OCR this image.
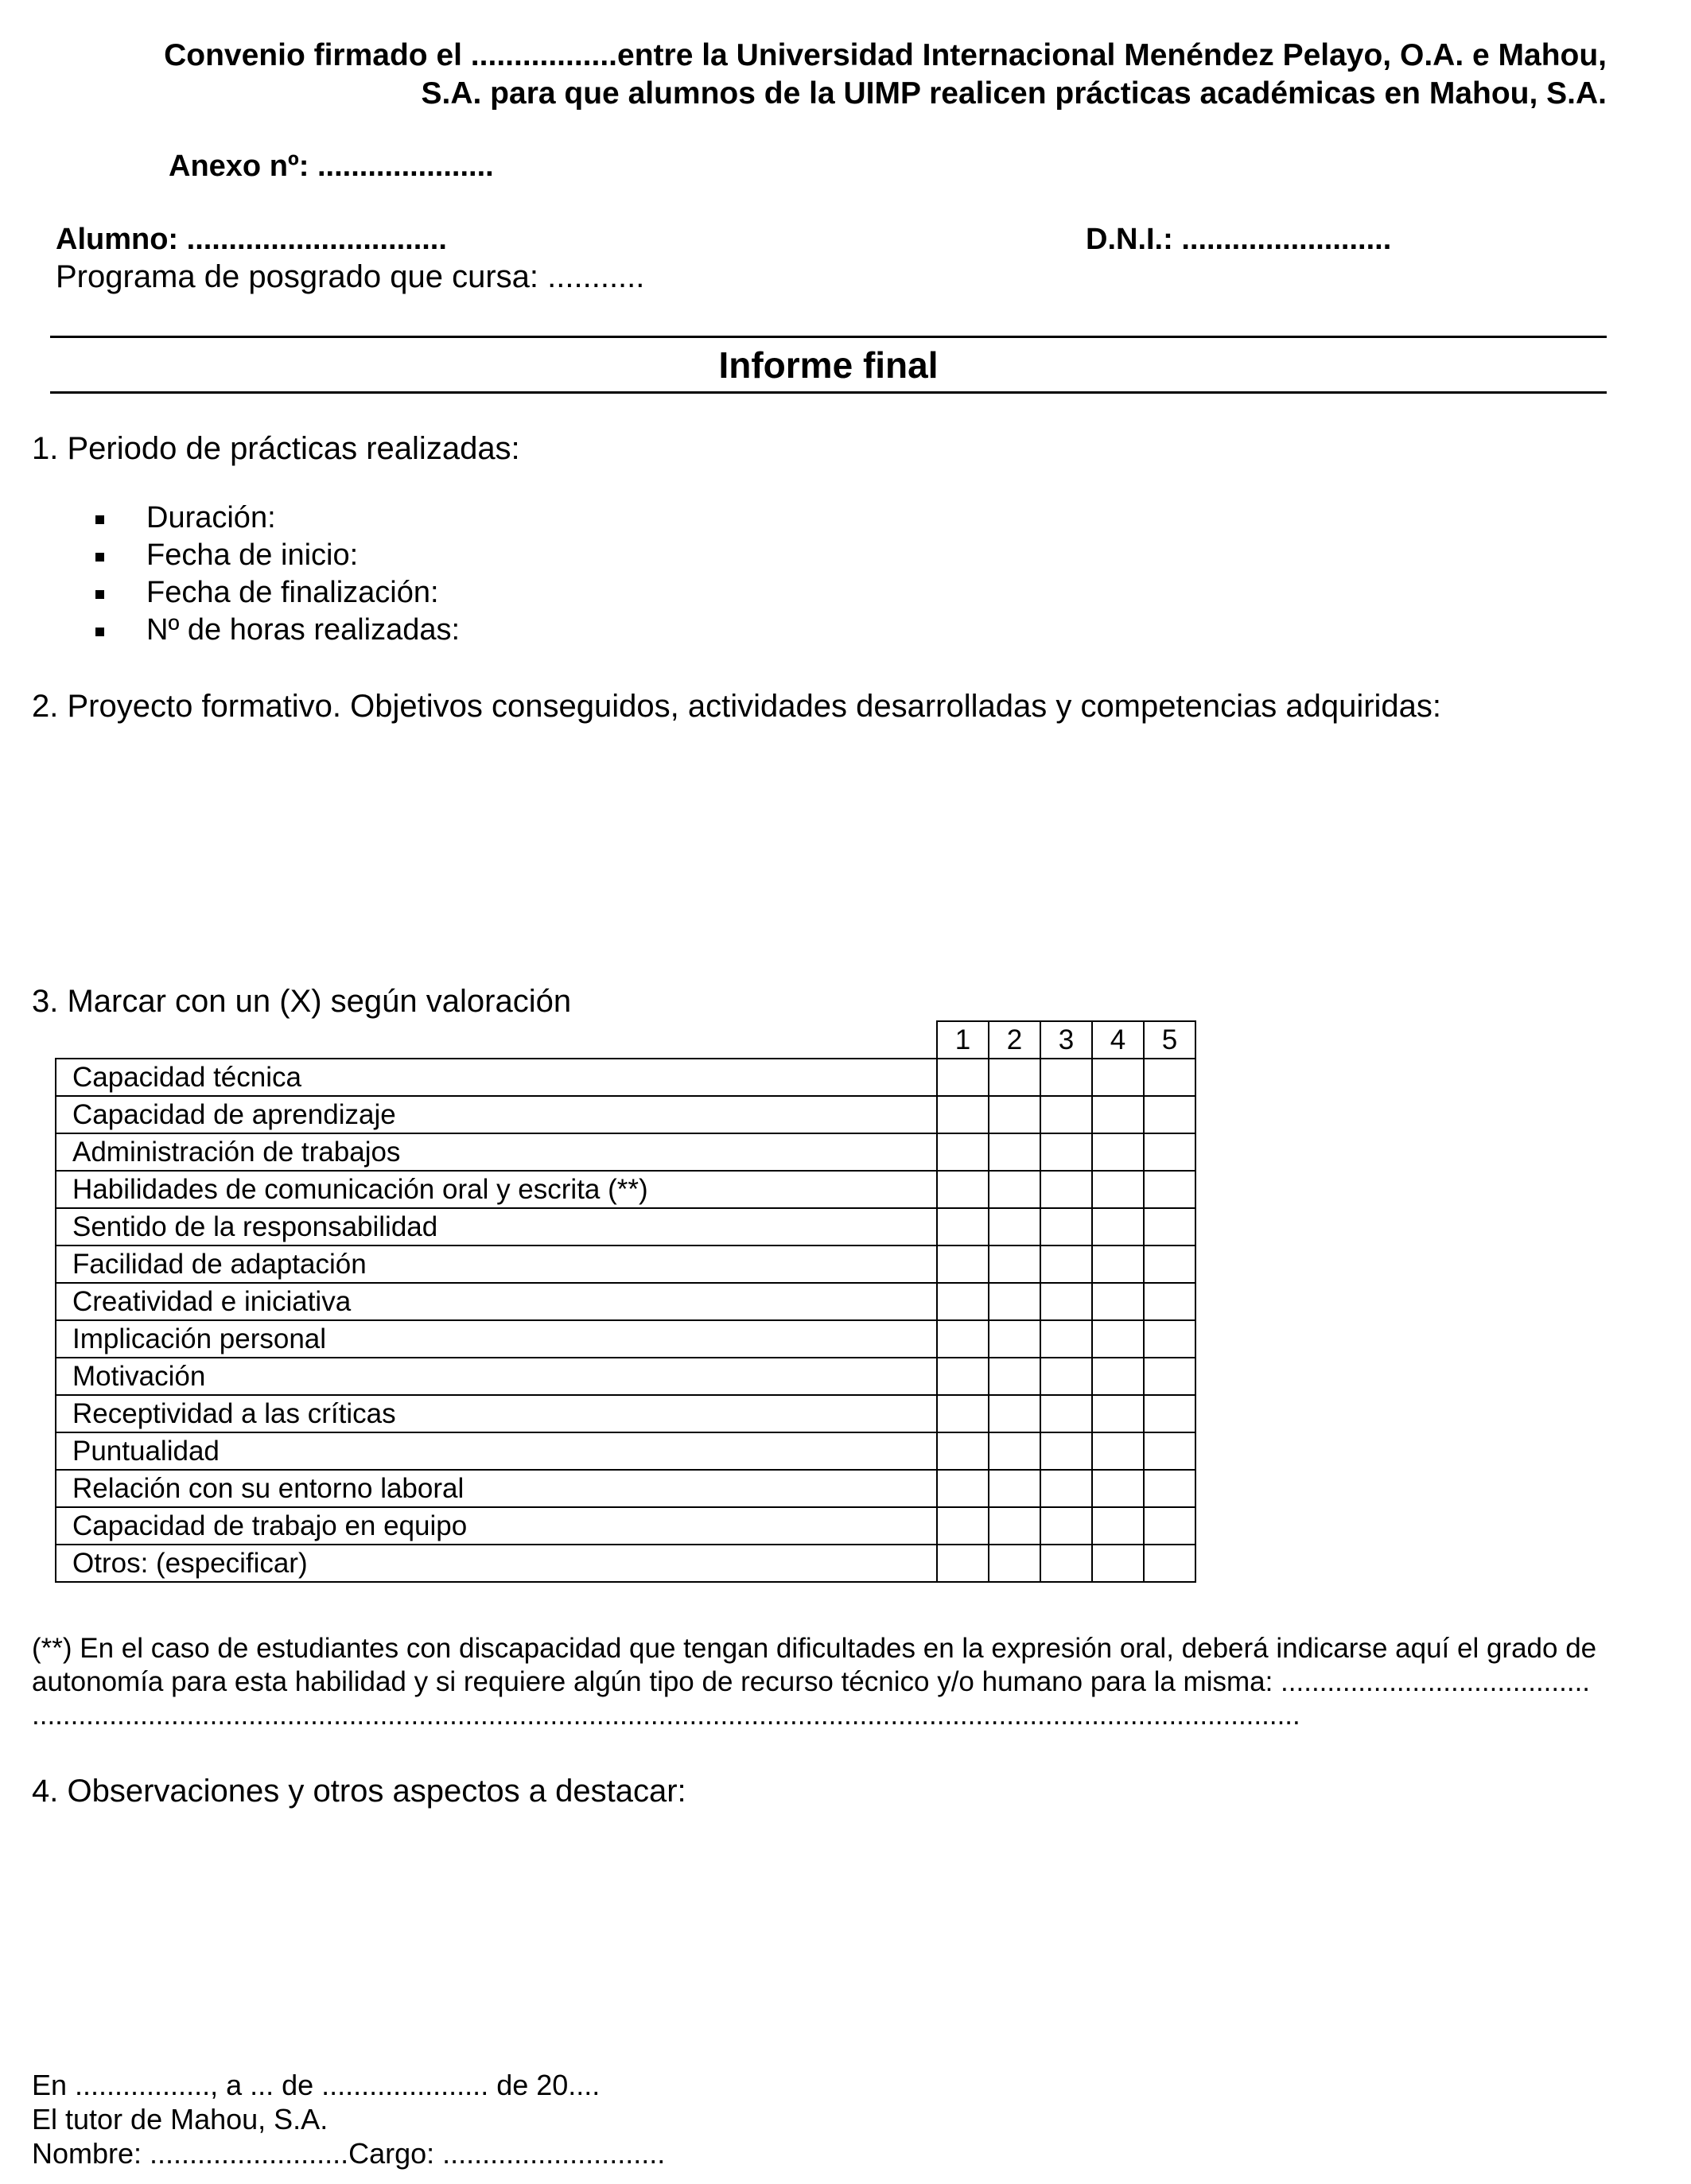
Convenio firmado el .................entre la Universidad Internacional Menéndez Pelayo, O.A. e Mahou,
S.A. para que alumnos de la UIMP realicen prácticas académicas en Mahou, S.A.
Anexo nº: .....................
Alumno: ...............................	D.N.I.: .........................
Programa de posgrado que cursa: ...........
Informe final
1. Periodo de prácticas realizadas:
Duración:
Fecha de inicio:
Fecha de finalización:
Nº de horas realizadas:
2. Proyecto formativo. Objetivos conseguidos, actividades desarrolladas y competencias adquiridas:
3. Marcar con un (X) según valoración
	1	2	3	4	5
Capacidad técnica					
Capacidad de aprendizaje					
Administración de trabajos					
Habilidades de comunicación oral y escrita (**)					
Sentido de la responsabilidad					
Facilidad de adaptación					
Creatividad e iniciativa					
Implicación personal					
Motivación					
Receptividad a las críticas					
Puntualidad					
Relación con su entorno laboral					
Capacidad de trabajo en equipo					
Otros: (especificar)					
(**) En el caso de estudiantes con discapacidad que tengan dificultades en la expresión oral, deberá indicarse aquí el grado de
autonomía para esta habilidad y si requiere algún tipo de recurso técnico y/o humano para la misma: ........................................
....................................................................................................................................................................
4. Observaciones y otros aspectos a destacar:
En ................., a ... de ..................... de 20....
El tutor de Mahou, S.A.
Nombre: .........................Cargo: ............................
